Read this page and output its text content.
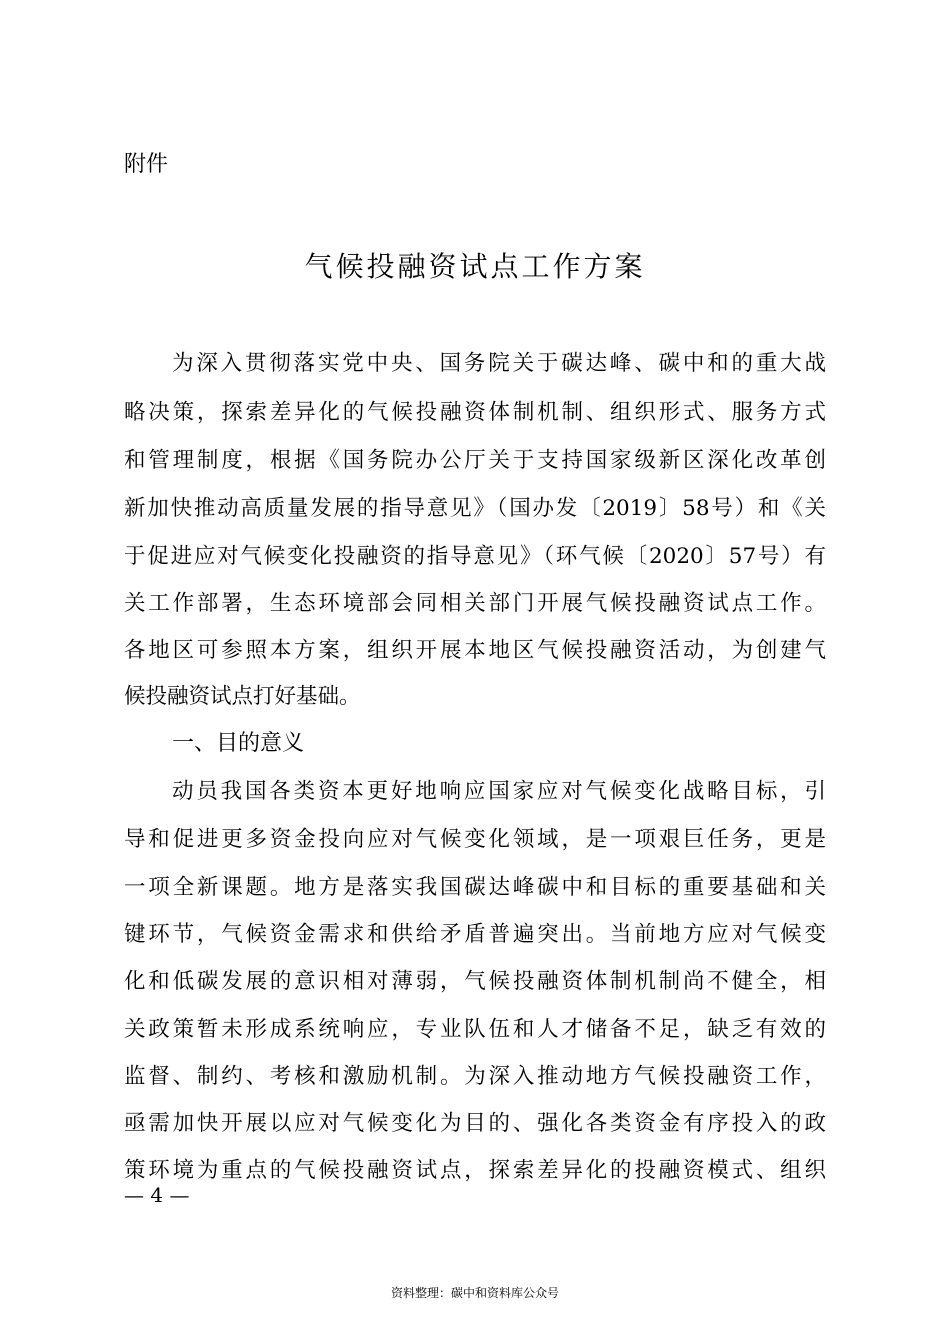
附件
气候投融资试点工作方案
为深入贯彻落实党中央、国务院关于碳达峰、碳中和的重大战
略决策，探索差异化的气候投融资体制机制、组织形式、服务方式
和管理制度，根据《国务院办公厅关于支持国家级新区深化改革创
新加快推动高质量发展的指导意见》（国办发〔2019〕58号）和《关
于促进应对气候变化投融资的指导意见》（环气候〔2020〕57号）有
关工作部署，生态环境部会同相关部门开展气候投融资试点工作。
各地区可参照本方案，组织开展本地区气候投融资活动，为创建气
候投融资试点打好基础。
一、目的意义
动员我国各类资本更好地响应国家应对气候变化战略目标，引
导和促进更多资金投向应对气候变化领域，是一项艰巨任务，更是
一项全新课题。地方是落实我国碳达峰碳中和目标的重要基础和关
键环节，气候资金需求和供给矛盾普遍突出。当前地方应对气候变
化和低碳发展的意识相对薄弱，气候投融资体制机制尚不健全，相
关政策暂未形成系统响应，专业队伍和人才储备不足，缺乏有效的
监督、制约、考核和激励机制。为深入推动地方气候投融资工作，
亟需加快开展以应对气候变化为目的、强化各类资金有序投入的政
策环境为重点的气候投融资试点，探索差异化的投融资模式、组织
— 4 —
资料整理：碳中和资料库公众号
